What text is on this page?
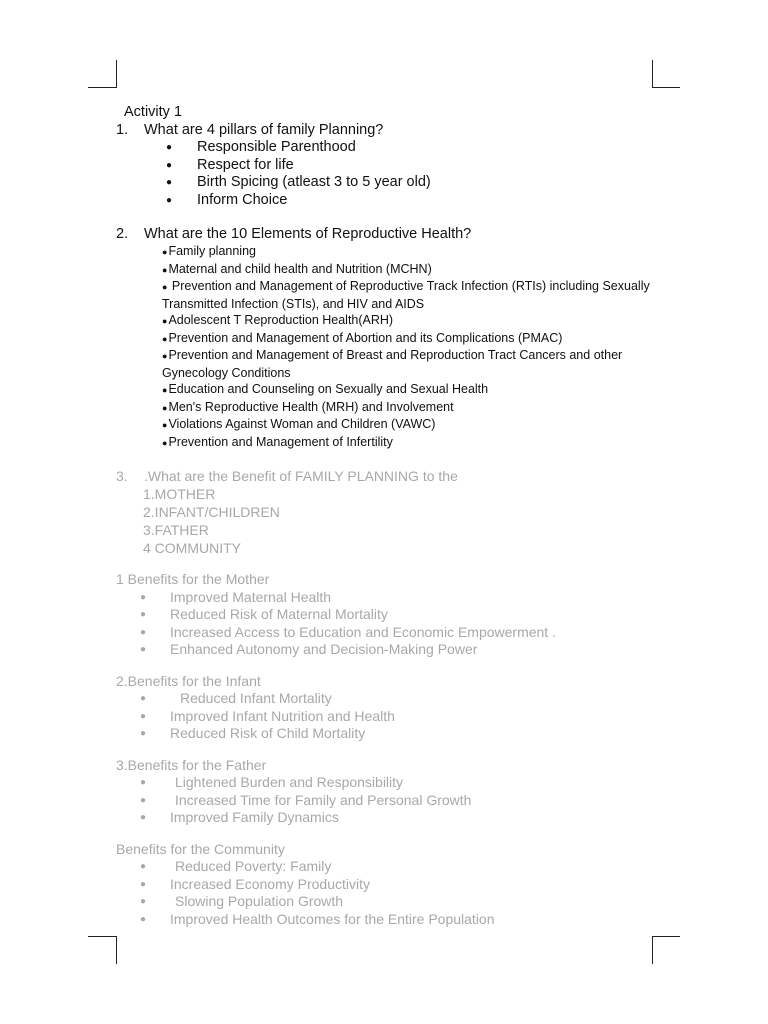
Activity 1
1.	What are 4 pillars of family Planning?
●	Responsible Parenthood
●	Respect for life
●	Birth Spicing (atleast 3 to 5 year old)
●	Inform Choice
2.	What are the 10 Elements of Reproductive Health?
●Family planning
●Maternal and child health and Nutrition (MCHN)
● Prevention and Management of Reproductive Track Infection (RTIs) including Sexually Transmitted Infection (STIs), and HIV and AIDS
●Adolescent T Reproduction Health(ARH)
●Prevention and Management of Abortion and its Complications (PMAC)
●Prevention and Management of Breast and Reproduction Tract Cancers and other Gynecology Conditions
●Education and Counseling on Sexually and Sexual Health
●Men's Reproductive Health (MRH) and Involvement
●Violations Against Woman and Children (VAWC)
●Prevention and Management of Infertility
3.	.What are the Benefit of FAMILY PLANNING to the
1.MOTHER
2.INFANT/CHILDREN
3.FATHER
4 COMMUNITY
1 Benefits for the Mother
●	Improved Maternal Health
●	Reduced Risk of Maternal Mortality
●	Increased Access to Education and Economic Empowerment .
●	Enhanced Autonomy and Decision-Making Power
2.Benefits for the Infant
●	Reduced Infant Mortality
●	Improved Infant Nutrition and Health
●	Reduced Risk of Child Mortality
3.Benefits for the Father
●	Lightened Burden and Responsibility
●	Increased Time for Family and Personal Growth
●	Improved Family Dynamics
Benefits for the Community
●	Reduced Poverty: Family
●	Increased Economy Productivity
●	Slowing Population Growth
●	Improved Health Outcomes for the Entire Population
